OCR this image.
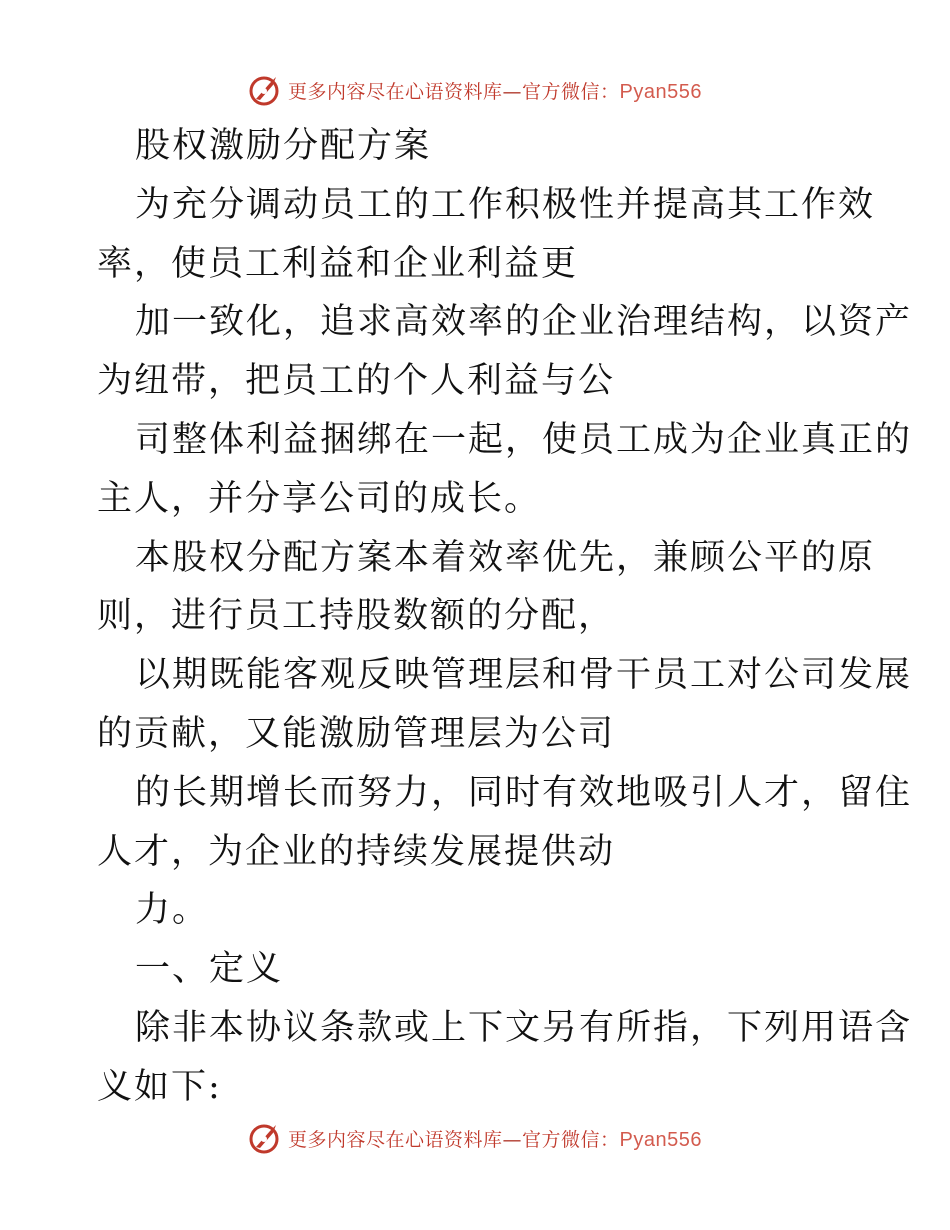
更多内容尽在心语资料库—官方微信：Pyan556
股权激励分配方案
为充分调动员工的工作积极性并提高其工作效
率，使员工利益和企业利益更
加一致化，追求高效率的企业治理结构，以资产
为纽带，把员工的个人利益与公
司整体利益捆绑在一起，使员工成为企业真正的
主人，并分享公司的成长。
本股权分配方案本着效率优先，兼顾公平的原
则，进行员工持股数额的分配，
以期既能客观反映管理层和骨干员工对公司发展
的贡献，又能激励管理层为公司
的长期增长而努力，同时有效地吸引人才，留住
人才，为企业的持续发展提供动
力。
一、定义
除非本协议条款或上下文另有所指，下列用语含
义如下:
更多内容尽在心语资料库—官方微信：Pyan556
